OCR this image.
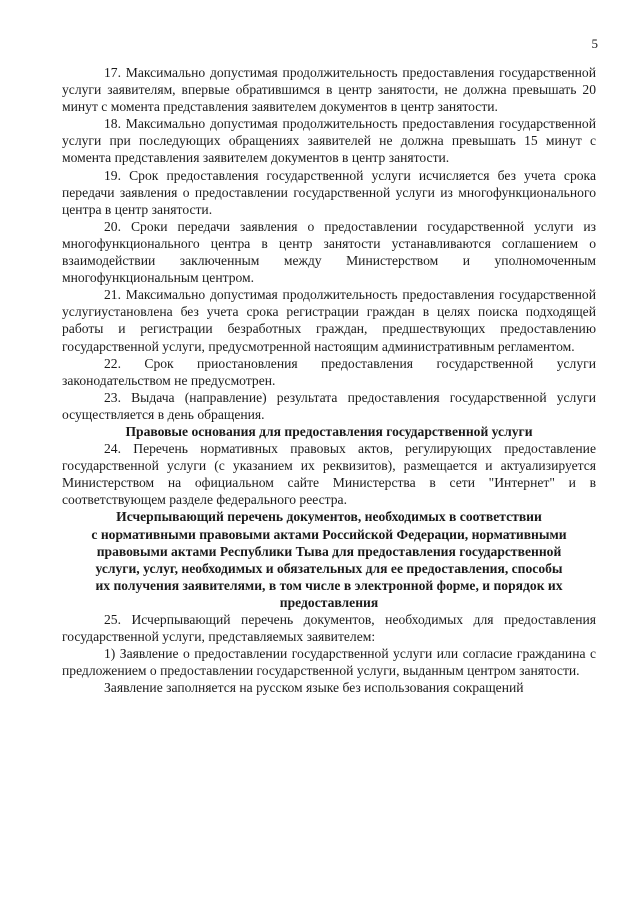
5

17. Максимально допустимая продолжительность предоставления государственной услуги заявителям, впервые обратившимся в центр занятости, не должна превышать 20 минут с момента представления заявителем документов в центр занятости.

18. Максимально допустимая продолжительность предоставления государственной услуги при последующих обращениях заявителей не должна превышать 15 минут с момента представления заявителем документов в центр занятости.

19. Срок предоставления государственной услуги исчисляется без учета срока передачи заявления о предоставлении государственной услуги из многофункционального центра в центр занятости.

20. Сроки передачи заявления о предоставлении государственной услуги из многофункционального центра в центр занятости устанавливаются соглашением о взаимодействии заключенным между Министерством и уполномоченным многофункциональным центром.

21. Максимально допустимая продолжительность предоставления государственной услугиустановлена без учета срока регистрации граждан в целях поиска подходящей работы и регистрации безработных граждан, предшествующих предоставлению государственной услуги, предусмотренной настоящим административным регламентом.

22. Срок приостановления предоставления государственной услуги законодательством не предусмотрен.

23. Выдача (направление) результата предоставления государственной услуги осуществляется в день обращения.

Правовые основания для предоставления государственной услуги

24. Перечень нормативных правовых актов, регулирующих предоставление государственной услуги (с указанием их реквизитов), размещается и актуализируется Министерством на официальном сайте Министерства в сети "Интернет" и в соответствующем разделе федерального реестра.

Исчерпывающий перечень документов, необходимых в соответствии
с нормативными правовыми актами Российской Федерации, нормативными
правовыми актами Республики Тыва для предоставления государственной
услуги, услуг, необходимых и обязательных для ее предоставления, способы
их получения заявителями, в том числе в электронной форме, и порядок их
предоставления

25. Исчерпывающий перечень документов, необходимых для предоставления государственной услуги, представляемых заявителем:

1) Заявление о предоставлении государственной услуги или согласие гражданина с предложением о предоставлении государственной услуги, выданным центром занятости.

Заявление заполняется на русском языке без использования сокращений
